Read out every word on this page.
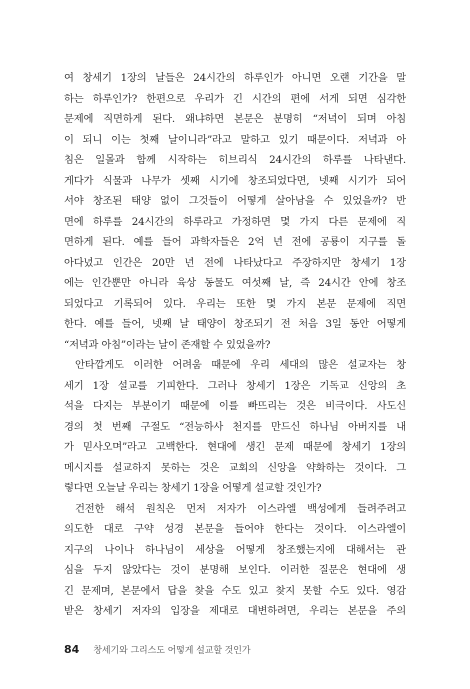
여 창세기 1장의 날들은 24시간의 하루인가 아니면 오랜 기간을 말

하는 하루인가? 한편으로 우리가 긴 시간의 편에 서게 되면 심각한

문제에 직면하게 된다. 왜냐하면 본문은 분명히 “저녁이 되며 아침

이 되니 이는 첫째 날이니라”라고 말하고 있기 때문이다. 저녁과 아

침은 일몰과 함께 시작하는 히브리식 24시간의 하루를 나타낸다.

게다가 식물과 나무가 셋째 시기에 창조되었다면, 넷째 시기가 되어

서야 창조된 태양 없이 그것들이 어떻게 살아남을 수 있었을까? 반

면에 하루를 24시간의 하루라고 가정하면 몇 가지 다른 문제에 직

면하게 된다. 예를 들어 과학자들은 2억 년 전에 공룡이 지구를 돌

아다녔고 인간은 20만 년 전에 나타났다고 주장하지만 창세기 1장

에는 인간뿐만 아니라 육상 동물도 여섯째 날, 즉 24시간 안에 창조

되었다고 기록되어 있다. 우리는 또한 몇 가지 본문 문제에 직면

한다. 예를 들어, 넷째 날 태양이 창조되기 전 처음 3일 동안 어떻게

“저녁과 아침”이라는 날이 존재할 수 있었을까?

안타깝게도 이러한 어려움 때문에 우리 세대의 많은 설교자는 창

세기 1장 설교를 기피한다. 그러나 창세기 1장은 기독교 신앙의 초

석을 다지는 부분이기 때문에 이를 빠뜨리는 것은 비극이다. 사도신

경의 첫 번째 구절도 “전능하사 천지를 만드신 하나님 아버지를 내

가 믿사오며”라고 고백한다. 현대에 생긴 문제 때문에 창세기 1장의

메시지를 설교하지 못하는 것은 교회의 신앙을 약화하는 것이다. 그

렇다면 오늘날 우리는 창세기 1장을 어떻게 설교할 것인가?

건전한 해석 원칙은 먼저 저자가 이스라엘 백성에게 들려주려고

의도한 대로 구약 성경 본문을 들어야 한다는 것이다. 이스라엘이

지구의 나이나 하나님이 세상을 어떻게 창조했는지에 대해서는 관

심을 두지 않았다는 것이 분명해 보인다. 이러한 질문은 현대에 생

긴 문제며, 본문에서 답을 찾을 수도 있고 찾지 못할 수도 있다. 영감

받은 창세기 저자의 입장을 제대로 대변하려면, 우리는 본문을 주의

84 창세기와 그리스도 어떻게 설교할 것인가
